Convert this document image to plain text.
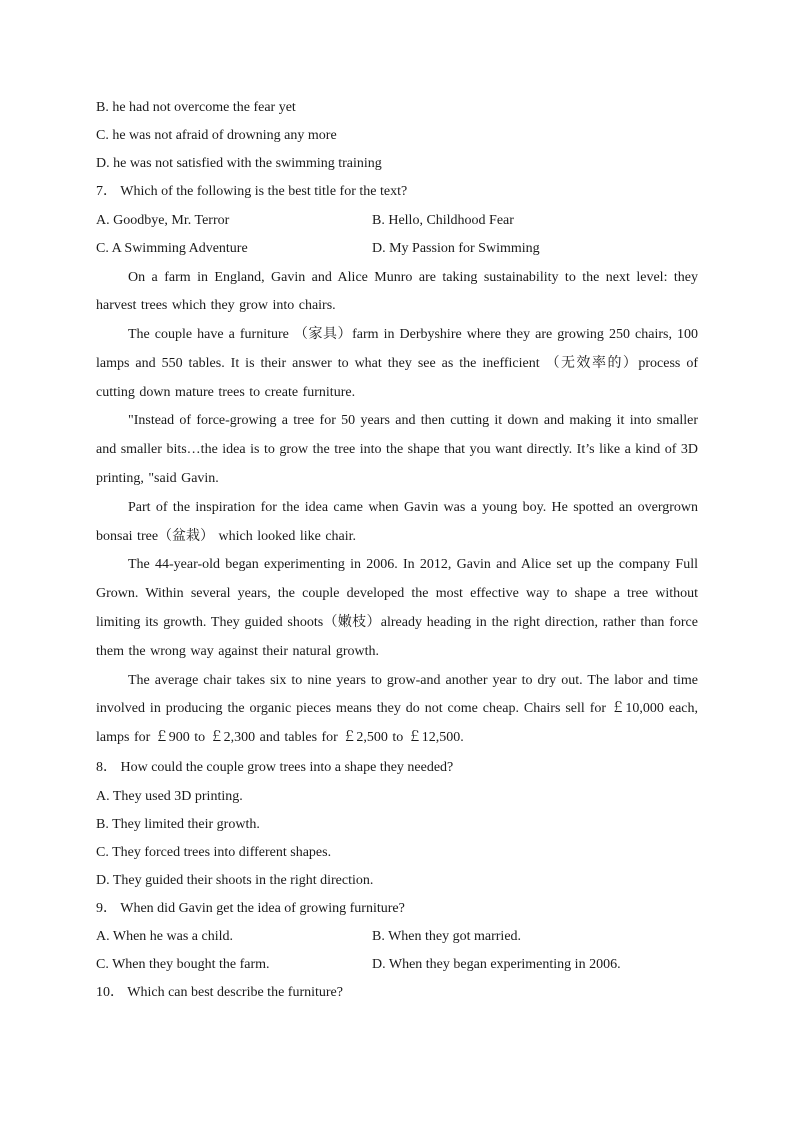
B. he had not overcome the fear yet
C. he was not afraid of drowning any more
D. he was not satisfied with the swimming training
7． Which of the following is the best title for the text?
A. Goodbye, Mr. Terror	B. Hello, Childhood Fear
C. A Swimming Adventure	D. My Passion for Swimming

On a farm in England, Gavin and Alice Munro are taking sustainability to the next level: they harvest trees which they grow into chairs.

The couple have a furniture （家具）farm in Derbyshire where they are growing 250 chairs, 100 lamps and 550 tables. It is their answer to what they see as the inefficient （无效率的）process of cutting down mature trees to create furniture.

"Instead of force-growing a tree for 50 years and then cutting it down and making it into smaller and smaller bits…the idea is to grow the tree into the shape that you want directly. It’s like a kind of 3D printing, "said Gavin.

Part of the inspiration for the idea came when Gavin was a young boy. He spotted an overgrown bonsai tree（盆栽） which looked like chair.

The 44-year-old began experimenting in 2006. In 2012, Gavin and Alice set up the company Full Grown. Within several years, the couple developed the most effective way to shape a tree without limiting its growth. They guided shoots（嫩枝）already heading in the right direction, rather than force them the wrong way against their natural growth.

The average chair takes six to nine years to grow-and another year to dry out. The labor and time involved in producing the organic pieces means they do not come cheap. Chairs sell for ￡10,000 each, lamps for ￡900 to ￡2,300 and tables for ￡2,500 to ￡12,500.

8． How could the couple grow trees into a shape they needed?
A. They used 3D printing.
B. They limited their growth.
C. They forced trees into different shapes.
D. They guided their shoots in the right direction.
9． When did Gavin get the idea of growing furniture?
A. When he was a child.	B. When they got married.
C. When they bought the farm.	D. When they began experimenting in 2006.
10． Which can best describe the furniture?
